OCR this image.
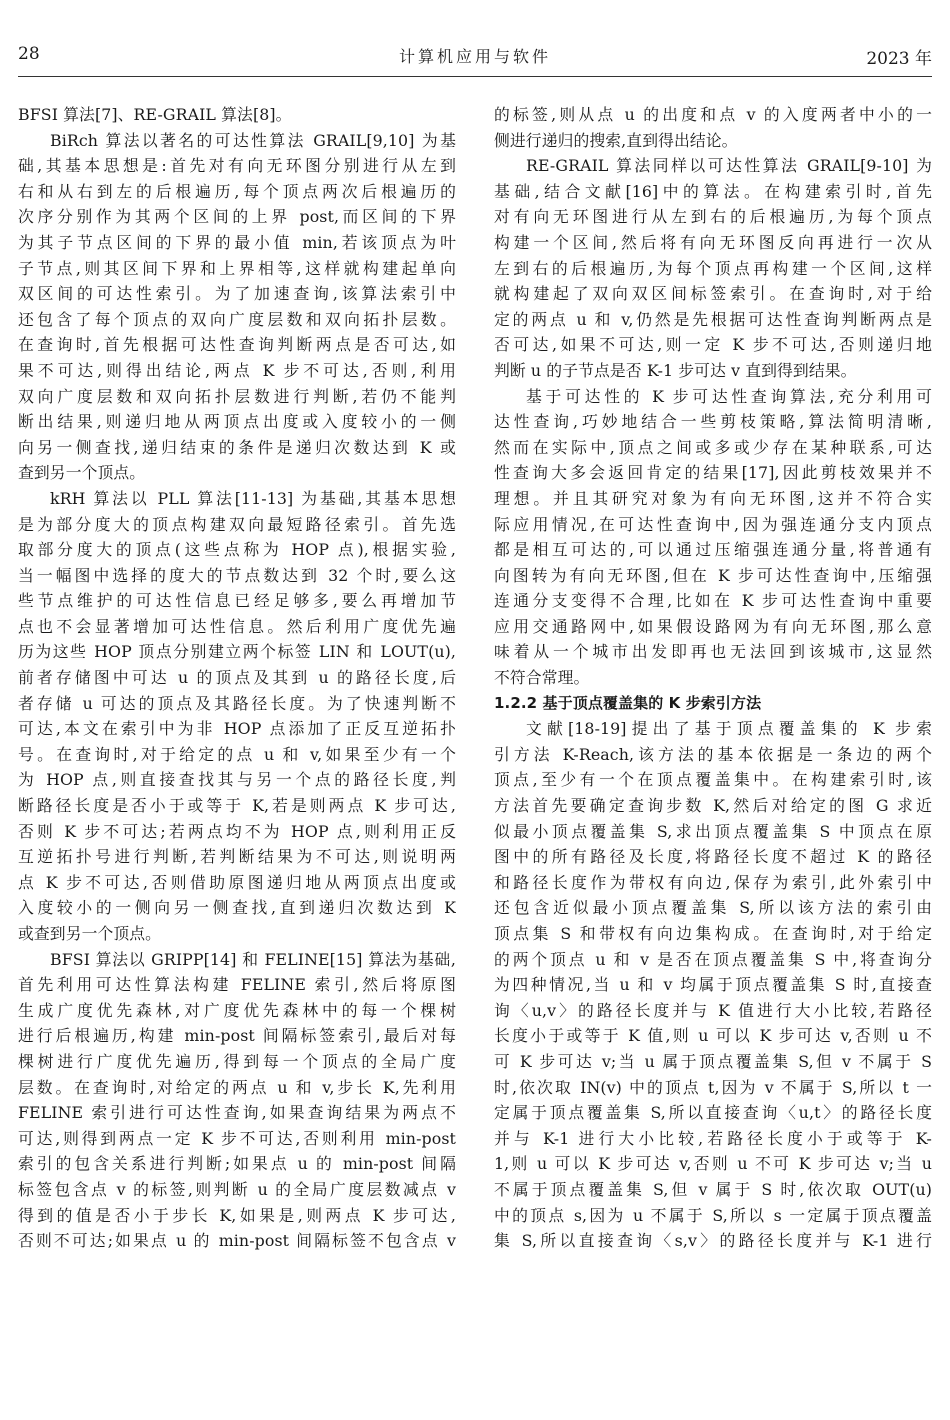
28	计算机应用与软件	2023 年
BFSI 算法[7]、RE-GRAIL 算法[8]。
BiRch 算法以著名的可达性算法 GRAIL[9,10] 为基
础,其基本思想是:首先对有向无环图分别进行从左到
右和从右到左的后根遍历,每个顶点两次后根遍历的
次序分别作为其两个区间的上界 post,而区间的下界
为其子节点区间的下界的最小值 min,若该顶点为叶
子节点,则其区间下界和上界相等,这样就构建起单向
双区间的可达性索引。为了加速查询,该算法索引中
还包含了每个顶点的双向广度层数和双向拓扑层数。
在查询时,首先根据可达性查询判断两点是否可达,如
果不可达,则得出结论,两点 K 步不可达,否则,利用
双向广度层数和双向拓扑层数进行判断,若仍不能判
断出结果,则递归地从两顶点出度或入度较小的一侧
向另一侧查找,递归结束的条件是递归次数达到 K 或
查到另一个顶点。
kRH 算法以 PLL 算法[11-13] 为基础,其基本思想
是为部分度大的顶点构建双向最短路径索引。首先选
取部分度大的顶点(这些点称为 HOP 点),根据实验,
当一幅图中选择的度大的节点数达到 32 个时,要么这
些节点维护的可达性信息已经足够多,要么再增加节
点也不会显著增加可达性信息。然后利用广度优先遍
历为这些 HOP 顶点分别建立两个标签 LIN 和 LOUT(u),
前者存储图中可达 u 的顶点及其到 u 的路径长度,后
者存储 u 可达的顶点及其路径长度。为了快速判断不
可达,本文在索引中为非 HOP 点添加了正反互逆拓扑
号。在查询时,对于给定的点 u 和 v,如果至少有一个
为 HOP 点,则直接查找其与另一个点的路径长度,判
断路径长度是否小于或等于 K,若是则两点 K 步可达,
否则 K 步不可达;若两点均不为 HOP 点,则利用正反
互逆拓扑号进行判断,若判断结果为不可达,则说明两
点 K 步不可达,否则借助原图递归地从两顶点出度或
入度较小的一侧向另一侧查找,直到递归次数达到 K
或查到另一个顶点。
BFSI 算法以 GRIPP[14] 和 FELINE[15] 算法为基础,
首先利用可达性算法构建 FELINE 索引,然后将原图
生成广度优先森林,对广度优先森林中的每一个棵树
进行后根遍历,构建 min-post 间隔标签索引,最后对每
棵树进行广度优先遍历,得到每一个顶点的全局广度
层数。在查询时,对给定的两点 u 和 v,步长 K,先利用
FELINE 索引进行可达性查询,如果查询结果为两点不
可达,则得到两点一定 K 步不可达,否则利用 min-post
索引的包含关系进行判断;如果点 u 的 min-post 间隔
标签包含点 v 的标签,则判断 u 的全局广度层数减点 v
得到的值是否小于步长 K,如果是,则两点 K 步可达,
否则不可达;如果点 u 的 min-post 间隔标签不包含点 v
的标签,则从点 u 的出度和点 v 的入度两者中小的一
侧进行递归的搜索,直到得出结论。
RE-GRAIL 算法同样以可达性算法 GRAIL[9-10] 为
基础,结合文献[16]中的算法。在构建索引时,首先
对有向无环图进行从左到右的后根遍历,为每个顶点
构建一个区间,然后将有向无环图反向再进行一次从
左到右的后根遍历,为每个顶点再构建一个区间,这样
就构建起了双向双区间标签索引。在查询时,对于给
定的两点 u 和 v,仍然是先根据可达性查询判断两点是
否可达,如果不可达,则一定 K 步不可达,否则递归地
判断 u 的子节点是否 K-1 步可达 v 直到得到结果。
基于可达性的 K 步可达性查询算法,充分利用可
达性查询,巧妙地结合一些剪枝策略,算法简明清晰,
然而在实际中,顶点之间或多或少存在某种联系,可达
性查询大多会返回肯定的结果[17],因此剪枝效果并不
理想。并且其研究对象为有向无环图,这并不符合实
际应用情况,在可达性查询中,因为强连通分支内顶点
都是相互可达的,可以通过压缩强连通分量,将普通有
向图转为有向无环图,但在 K 步可达性查询中,压缩强
连通分支变得不合理,比如在 K 步可达性查询中重要
应用交通路网中,如果假设路网为有向无环图,那么意
味着从一个城市出发即再也无法回到该城市,这显然
不符合常理。
1.2.2 基于顶点覆盖集的 K 步索引方法
文献[18-19]提出了基于顶点覆盖集的 K 步索
引方法 K-Reach,该方法的基本依据是一条边的两个
顶点,至少有一个在顶点覆盖集中。在构建索引时,该
方法首先要确定查询步数 K,然后对给定的图 G 求近
似最小顶点覆盖集 S,求出顶点覆盖集 S 中顶点在原
图中的所有路径及长度,将路径长度不超过 K 的路径
和路径长度作为带权有向边,保存为索引,此外索引中
还包含近似最小顶点覆盖集 S,所以该方法的索引由
顶点集 S 和带权有向边集构成。在查询时,对于给定
的两个顶点 u 和 v 是否在顶点覆盖集 S 中,将查询分
为四种情况,当 u 和 v 均属于顶点覆盖集 S 时,直接查
询〈u,v〉的路径长度并与 K 值进行大小比较,若路径
长度小于或等于 K 值,则 u 可以 K 步可达 v,否则 u 不
可 K 步可达 v;当 u 属于顶点覆盖集 S,但 v 不属于 S
时,依次取 IN(v) 中的顶点 t,因为 v 不属于 S,所以 t 一
定属于顶点覆盖集 S,所以直接查询〈u,t〉的路径长度
并与 K-1 进行大小比较,若路径长度小于或等于 K-
1,则 u 可以 K 步可达 v,否则 u 不可 K 步可达 v;当 u
不属于顶点覆盖集 S,但 v 属于 S 时,依次取 OUT(u)
中的顶点 s,因为 u 不属于 S,所以 s 一定属于顶点覆盖
集 S,所以直接查询〈s,v〉的路径长度并与 K-1 进行
